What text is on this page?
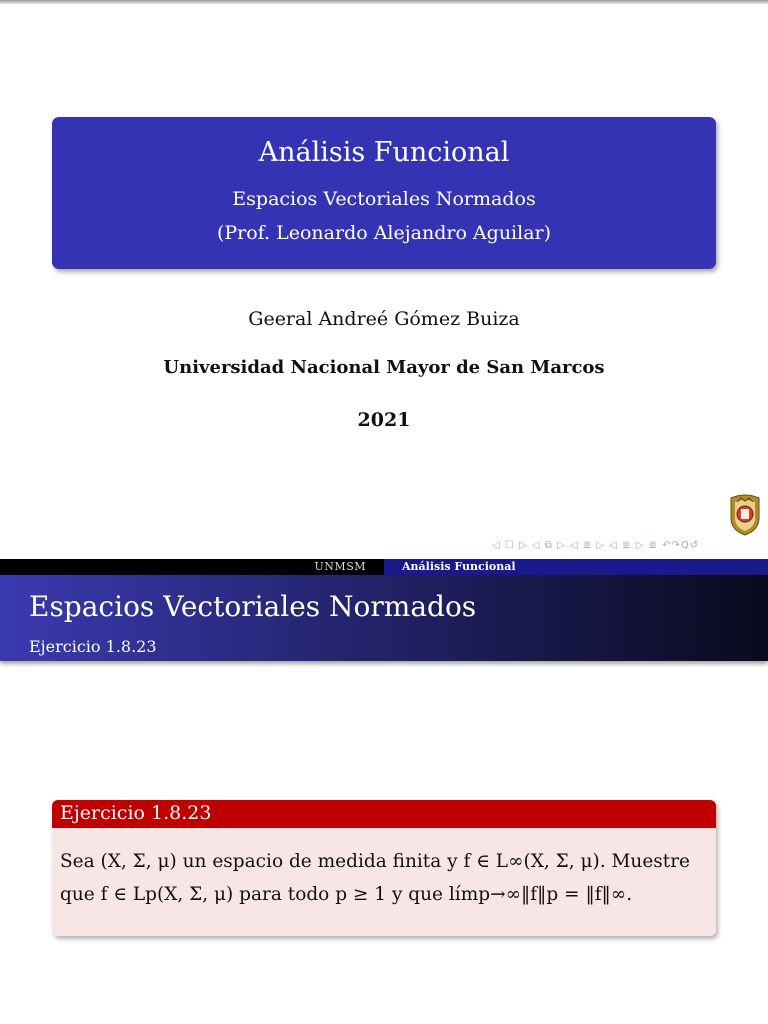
Análisis Funcional
Espacios Vectoriales Normados
(Prof. Leonardo Alejandro Aguilar)
Geeral Andreé Gómez Buiza
Universidad Nacional Mayor de San Marcos
2021
◁ ☐ ▷ ◁ ⧉ ▷ ◁ ≣ ▷ ◁ ≣ ▷ ≣ ↶↷Q↺
UNMSM	Análisis Funcional
Espacios Vectoriales Normados
Ejercicio 1.8.23
Ejercicio 1.8.23
Sea (X, Σ, μ) un espacio de medida finita y f ∈ L∞(X, Σ, μ). Muestre
que f ∈ Lp(X, Σ, μ) para todo p ≥ 1 y que límp→∞‖f‖p = ‖f‖∞.
